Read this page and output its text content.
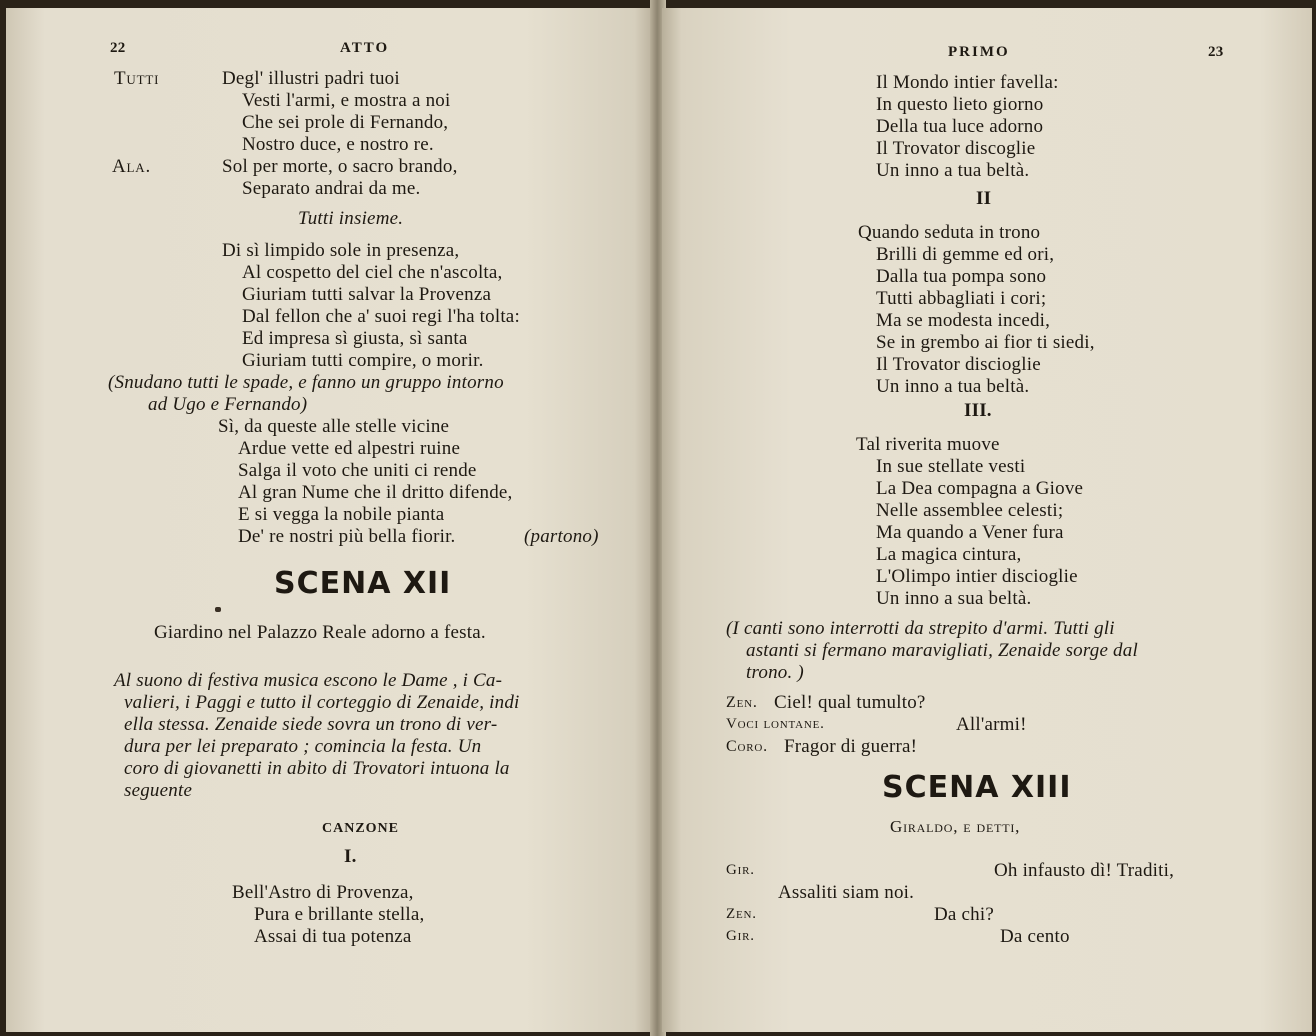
22	ATTO
Tutti	Degl' illustri padri tuoi
Vesti l'armi, e mostra a noi
Che sei prole di Fernando,
Nostro duce, e nostro re.
Ala.	Sol per morte, o sacro brando,
Separato andrai da me.
Tutti insieme.
Di sì limpido sole in presenza,
Al cospetto del ciel che n'ascolta,
Giuriam tutti salvar la Provenza
Dal fellon che a' suoi regi l'ha tolta:
Ed impresa sì giusta, sì santa
Giuriam tutti compire, o morir.
(Snudano tutti le spade, e fanno un gruppo intorno
ad Ugo e Fernando)
Sì, da queste alle stelle vicine
Ardue vette ed alpestri ruine
Salga il voto che uniti ci rende
Al gran Nume che il dritto difende,
E si vegga la nobile pianta
De' re nostri più bella fiorir.	(partono)
SCENA XII
Giardino nel Palazzo Reale adorno a festa.
Al suono di festiva musica escono le Dame , i Ca-
valieri, i Paggi e tutto il corteggio di Zenaide, indi
ella stessa. Zenaide siede sovra un trono di ver-
dura per lei preparato ; comincia la festa. Un
coro di giovanetti in abito di Trovatori intuona la
seguente
CANZONE
I.
Bell'Astro di Provenza,
Pura e brillante stella,
Assai di tua potenza
PRIMO	23
Il Mondo intier favella:
In questo lieto giorno
Della tua luce adorno
Il Trovator discoglie
Un inno a tua beltà.
II
Quando seduta in trono
Brilli di gemme ed ori,
Dalla tua pompa sono
Tutti abbagliati i cori;
Ma se modesta incedi,
Se in grembo ai fior ti siedi,
Il Trovator discioglie
Un inno a tua beltà.
III.
Tal riverita muove
In sue stellate vesti
La Dea compagna a Giove
Nelle assemblee celesti;
Ma quando a Vener fura
La magica cintura,
L'Olimpo intier discioglie
Un inno a sua beltà.
(I canti sono interrotti da strepito d'armi. Tutti gli
astanti si fermano maravigliati, Zenaide sorge dal
trono. )
Zen. Ciel! qual tumulto?
Voci lontane.	All'armi!
Coro. Fragor di guerra!
SCENA XIII
Giraldo, e detti,
Gir.	Oh infausto dì! Traditi,
Assaliti siam noi.
Zen.	Da chi?
Gir.	Da cento
